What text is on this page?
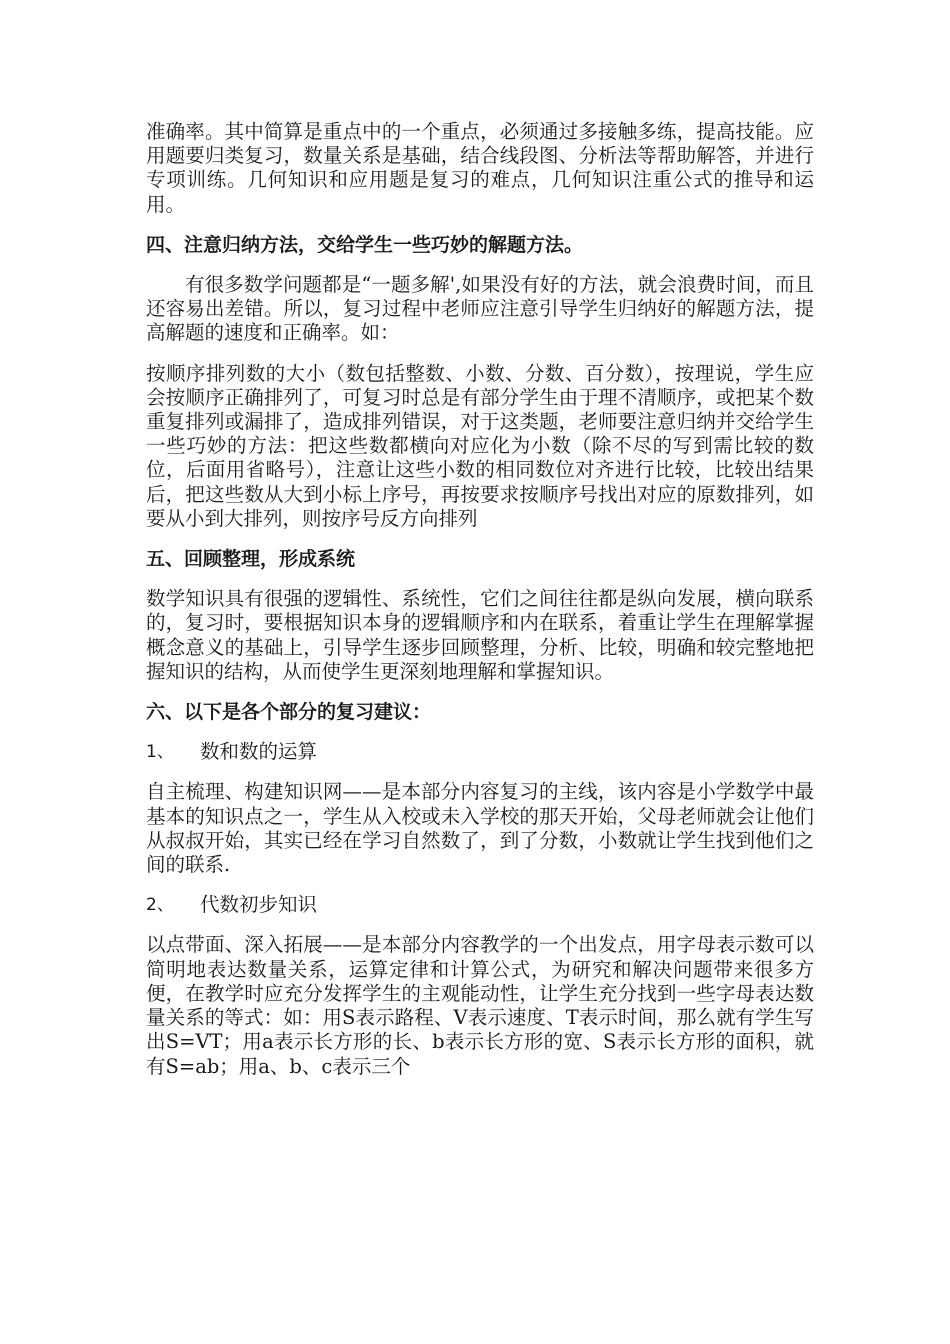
准确率。其中简算是重点中的一个重点，必须通过多接触多练，提高技能。应用题要归类复习，数量关系是基础，结合线段图、分析法等帮助解答，并进行专项训练。几何知识和应用题是复习的难点，几何知识注重公式的推导和运用。

四、注意归纳方法，交给学生一些巧妙的解题方法。

有很多数学问题都是“一题多解',如果没有好的方法，就会浪费时间，而且还容易出差错。所以，复习过程中老师应注意引导学生归纳好的解题方法，提高解题的速度和正确率。如：

按顺序排列数的大小（数包括整数、小数、分数、百分数），按理说，学生应会按顺序正确排列了，可复习时总是有部分学生由于理不清顺序，或把某个数重复排列或漏排了，造成排列错误，对于这类题，老师要注意归纳并交给学生一些巧妙的方法：把这些数都横向对应化为小数（除不尽的写到需比较的数位，后面用省略号），注意让这些小数的相同数位对齐进行比较，比较出结果后，把这些数从大到小标上序号，再按要求按顺序号找出对应的原数排列，如要从小到大排列，则按序号反方向排列

五、回顾整理，形成系统

数学知识具有很强的逻辑性、系统性，它们之间往往都是纵向发展，横向联系的，复习时，要根据知识本身的逻辑顺序和内在联系，着重让学生在理解掌握概念意义的基础上，引导学生逐步回顾整理，分析、比较，明确和较完整地把握知识的结构，从而使学生更深刻地理解和掌握知识。

六、以下是各个部分的复习建议：

1、	数和数的运算

自主梳理、构建知识网——是本部分内容复习的主线，该内容是小学数学中最基本的知识点之一，学生从入校或未入学校的那天开始，父母老师就会让他们从叔叔开始，其实已经在学习自然数了，到了分数，小数就让学生找到他们之间的联系.

2、	代数初步知识

以点带面、深入拓展——是本部分内容教学的一个出发点，用字母表示数可以简明地表达数量关系，运算定律和计算公式，为研究和解决问题带来很多方便，在教学时应充分发挥学生的主观能动性，让学生充分找到一些字母表达数量关系的等式：如：用S表示路程、V表示速度、T表示时间，那么就有学生写出S=VT；用a表示长方形的长、b表示长方形的宽、S表示长方形的面积，就有S=ab；用a、b、c表示三个
